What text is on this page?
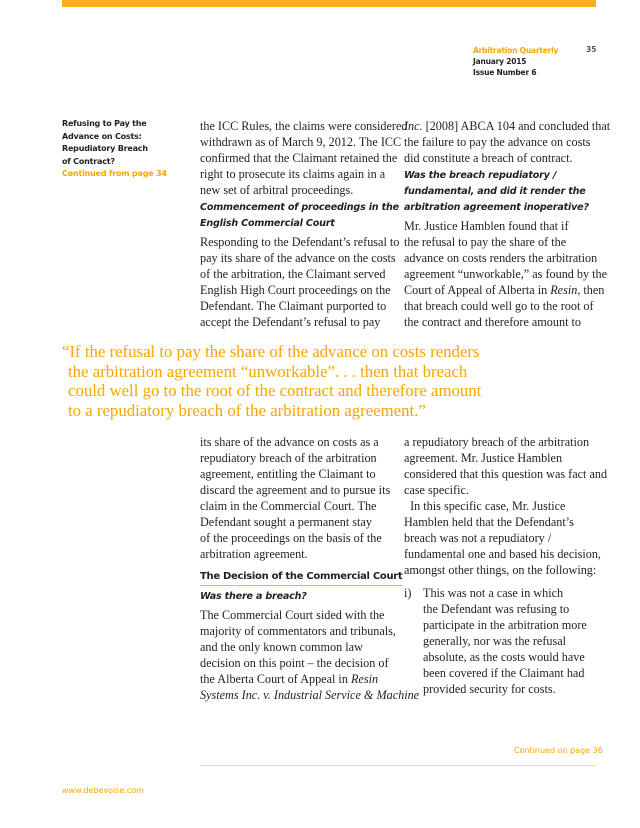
Arbitration Quarterly
January 2015
Issue Number 6
35
Refusing to Pay the
Advance on Costs:
Repudiatory Breach
of Contract?
Continued from page 34
the ICC Rules, the claims were considered
withdrawn as of March 9, 2012. The ICC
confirmed that the Claimant retained the
right to prosecute its claims again in a
new set of arbitral proceedings.
Commencement of proceedings in the
English Commercial Court
Responding to the Defendant’s refusal to
pay its share of the advance on the costs
of the arbitration, the Claimant served
English High Court proceedings on the
Defendant. The Claimant purported to
accept the Defendant’s refusal to pay
Inc. [2008] ABCA 104 and concluded that
the failure to pay the advance on costs
did constitute a breach of contract.
Was the breach repudiatory /
fundamental, and did it render the
arbitration agreement inoperative?
Mr. Justice Hamblen found that if
the refusal to pay the share of the
advance on costs renders the arbitration
agreement “unworkable,” as found by the
Court of Appeal of Alberta in Resin, then
that breach could well go to the root of
the contract and therefore amount to
“If the refusal to pay the share of the advance on costs renders
the arbitration agreement “unworkable”. . . then that breach
could well go to the root of the contract and therefore amount
to a repudiatory breach of the arbitration agreement.”
its share of the advance on costs as a
repudiatory breach of the arbitration
agreement, entitling the Claimant to
discard the agreement and to pursue its
claim in the Commercial Court. The
Defendant sought a permanent stay
of the proceedings on the basis of the
arbitration agreement.
The Decision of the Commercial Court
Was there a breach?
The Commercial Court sided with the
majority of commentators and tribunals,
and the only known common law
decision on this point – the decision of
the Alberta Court of Appeal in Resin
Systems Inc. v. Industrial Service & Machine
a repudiatory breach of the arbitration
agreement. Mr. Justice Hamblen
considered that this question was fact and
case specific.
In this specific case, Mr. Justice
Hamblen held that the Defendant’s
breach was not a repudiatory /
fundamental one and based his decision,
amongst other things, on the following:
i) This was not a case in which
the Defendant was refusing to
participate in the arbitration more
generally, nor was the refusal
absolute, as the costs would have
been covered if the Claimant had
provided security for costs.
Continued on page 36
www.debevoise.com
